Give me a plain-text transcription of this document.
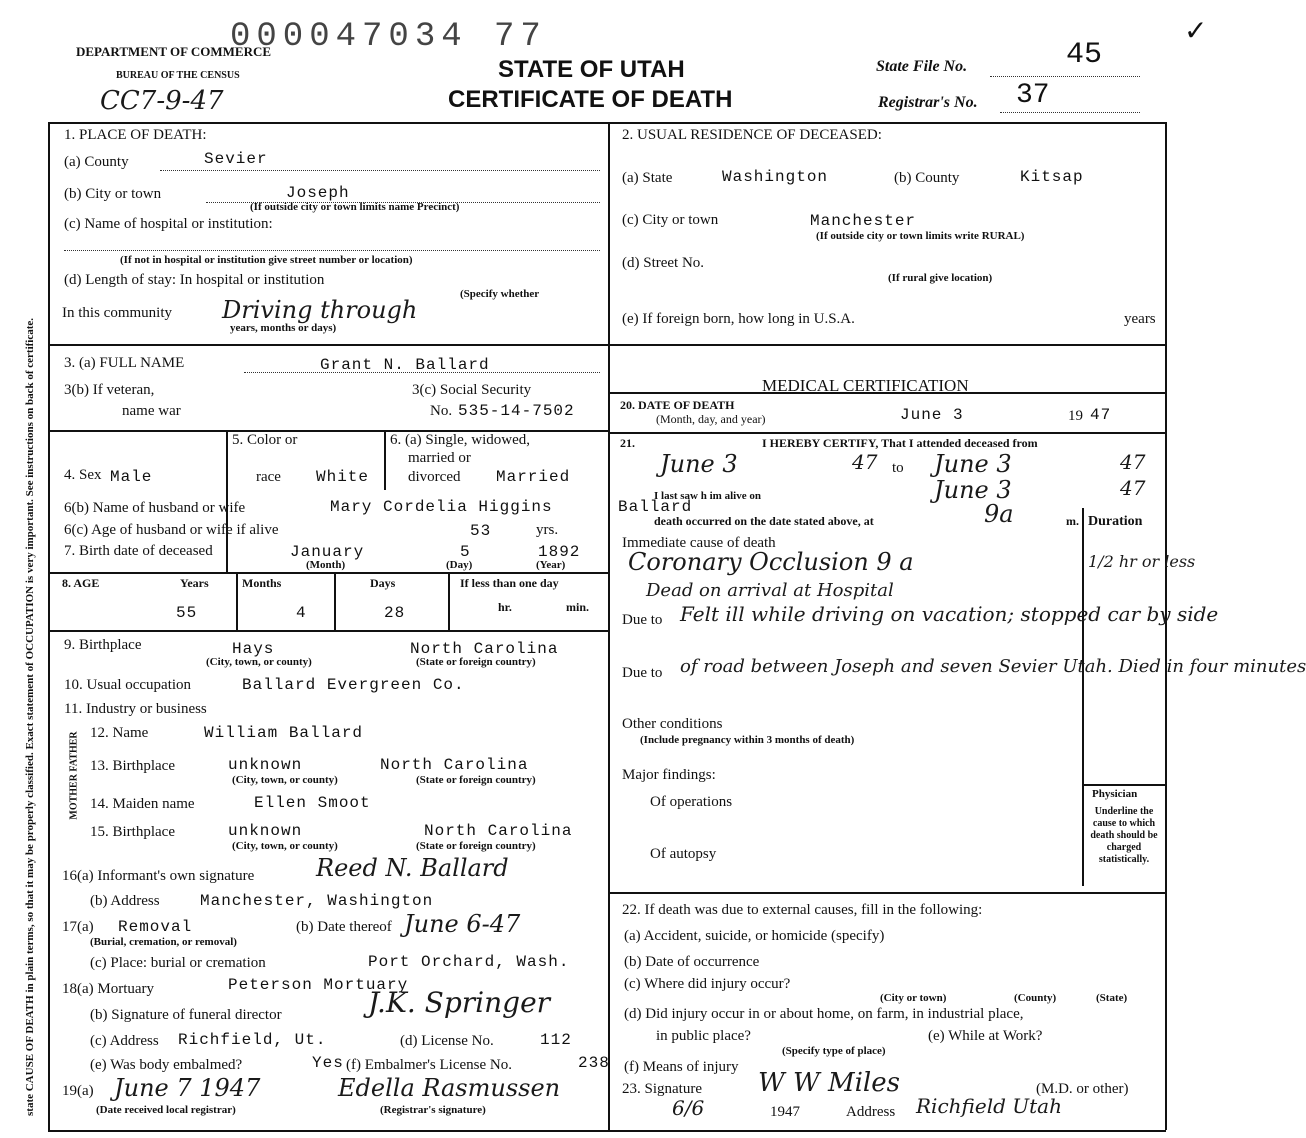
state CAUSE OF DEATH in plain terms, so that it may be properly classified. Exact statement of OCCUPATION is very important. See instructions on back of certificate.
DEPARTMENT OF COMMERCE
BUREAU OF THE CENSUS
000047034 77
CC7-9-47
STATE OF UTAH
CERTIFICATE OF DEATH
State File No.	45
Registrar's No. 37
✓
1. PLACE OF DEATH:
(a) County	Sevier
(b) City or town	Joseph
(If outside city or town limits name Precinct)
(c) Name of hospital or institution:
(If not in hospital or institution give street number or location)
(d) Length of stay: In hospital or institution
(Specify whether
In this community Driving through
years, months or days)
3. (a) FULL NAME	Grant N. Ballard
3(b) If veteran,
name war
3(c) Social Security
No. 535-14-7502
4. Sex Male
5. Color or
race White
6. (a) Single, widowed,
married or
divorced Married
6(b) Name of husband or wife	Mary Cordelia Higgins
6(c) Age of husband or wife if alive	53	yrs.
7. Birth date of deceased	January	5	1892
(Month)	(Day)	(Year)
8. AGE	Years	Months	Days	If less than one day
55	4	28	hr.	min.
9. Birthplace	Hays	North Carolina
(City, town, or county)	(State or foreign country)
10. Usual occupation	Ballard Evergreen Co.
11. Industry or business
MOTHER FATHER 12. Name	William Ballard
13. Birthplace	unknown	North Carolina
(City, town, or county)	(State or foreign country)
14. Maiden name	Ellen Smoot
15. Birthplace	unknown	North Carolina
(City, town, or county)	(State or foreign country)
16(a) Informant's own signature	Reed N. Ballard
(b) Address	Manchester, Washington
17(a) Removal
(Burial, cremation, or removal)
(b) Date thereof June 6-47
(c) Place: burial or cremation	Port Orchard, Wash.
18(a) Mortuary	Peterson Mortuary
(b) Signature of funeral director	J.K. Springer
(c) Address Richfield, Ut.	(d) License No.	112
(e) Was body embalmed?	Yes (f) Embalmer's License No.	238
19(a) June 7 1947	Edella Rasmussen
(Date received local registrar)	(Registrar's signature)
2. USUAL RESIDENCE OF DECEASED:
(a) State	Washington	(b) County	Kitsap
(c) City or town	Manchester
(If outside city or town limits write RURAL)
(d) Street No.
(If rural give location)
(e) If foreign born, how long in U.S.A.	years
MEDICAL CERTIFICATION
20. DATE OF DEATH
(Month, day, and year)	June 3	19 47
21.	I HEREBY CERTIFY, That I attended deceased from
June 3	47 to June 3	47
I last saw h im alive on	June 3	47
Ballard
death occurred on the date stated above, at	9a	m. Duration
Immediate cause of death
Coronary Occlusion 9 a	1/2 hr or less
Dead on arrival at Hospital
Due to Felt ill while driving on vacation; stopped car by side
Due to of road between Joseph and seven Sevier Utah. Died in four minutes
Other conditions
(Include pregnancy within 3 months of death)
Major findings:
Of operations
Of autopsy
Physician
Underline the cause to which death should be charged statistically.
22. If death was due to external causes, fill in the following:
(a) Accident, suicide, or homicide (specify)
(b) Date of occurrence
(c) Where did injury occur?
(City or town)	(County)	(State)
(d) Did injury occur in or about home, on farm, in industrial place,
in public place?	(e) While at Work?
(Specify type of place)
(f) Means of injury
23. Signature W W Miles	(M.D. or other)
6/6	1947	Address Richfield Utah
